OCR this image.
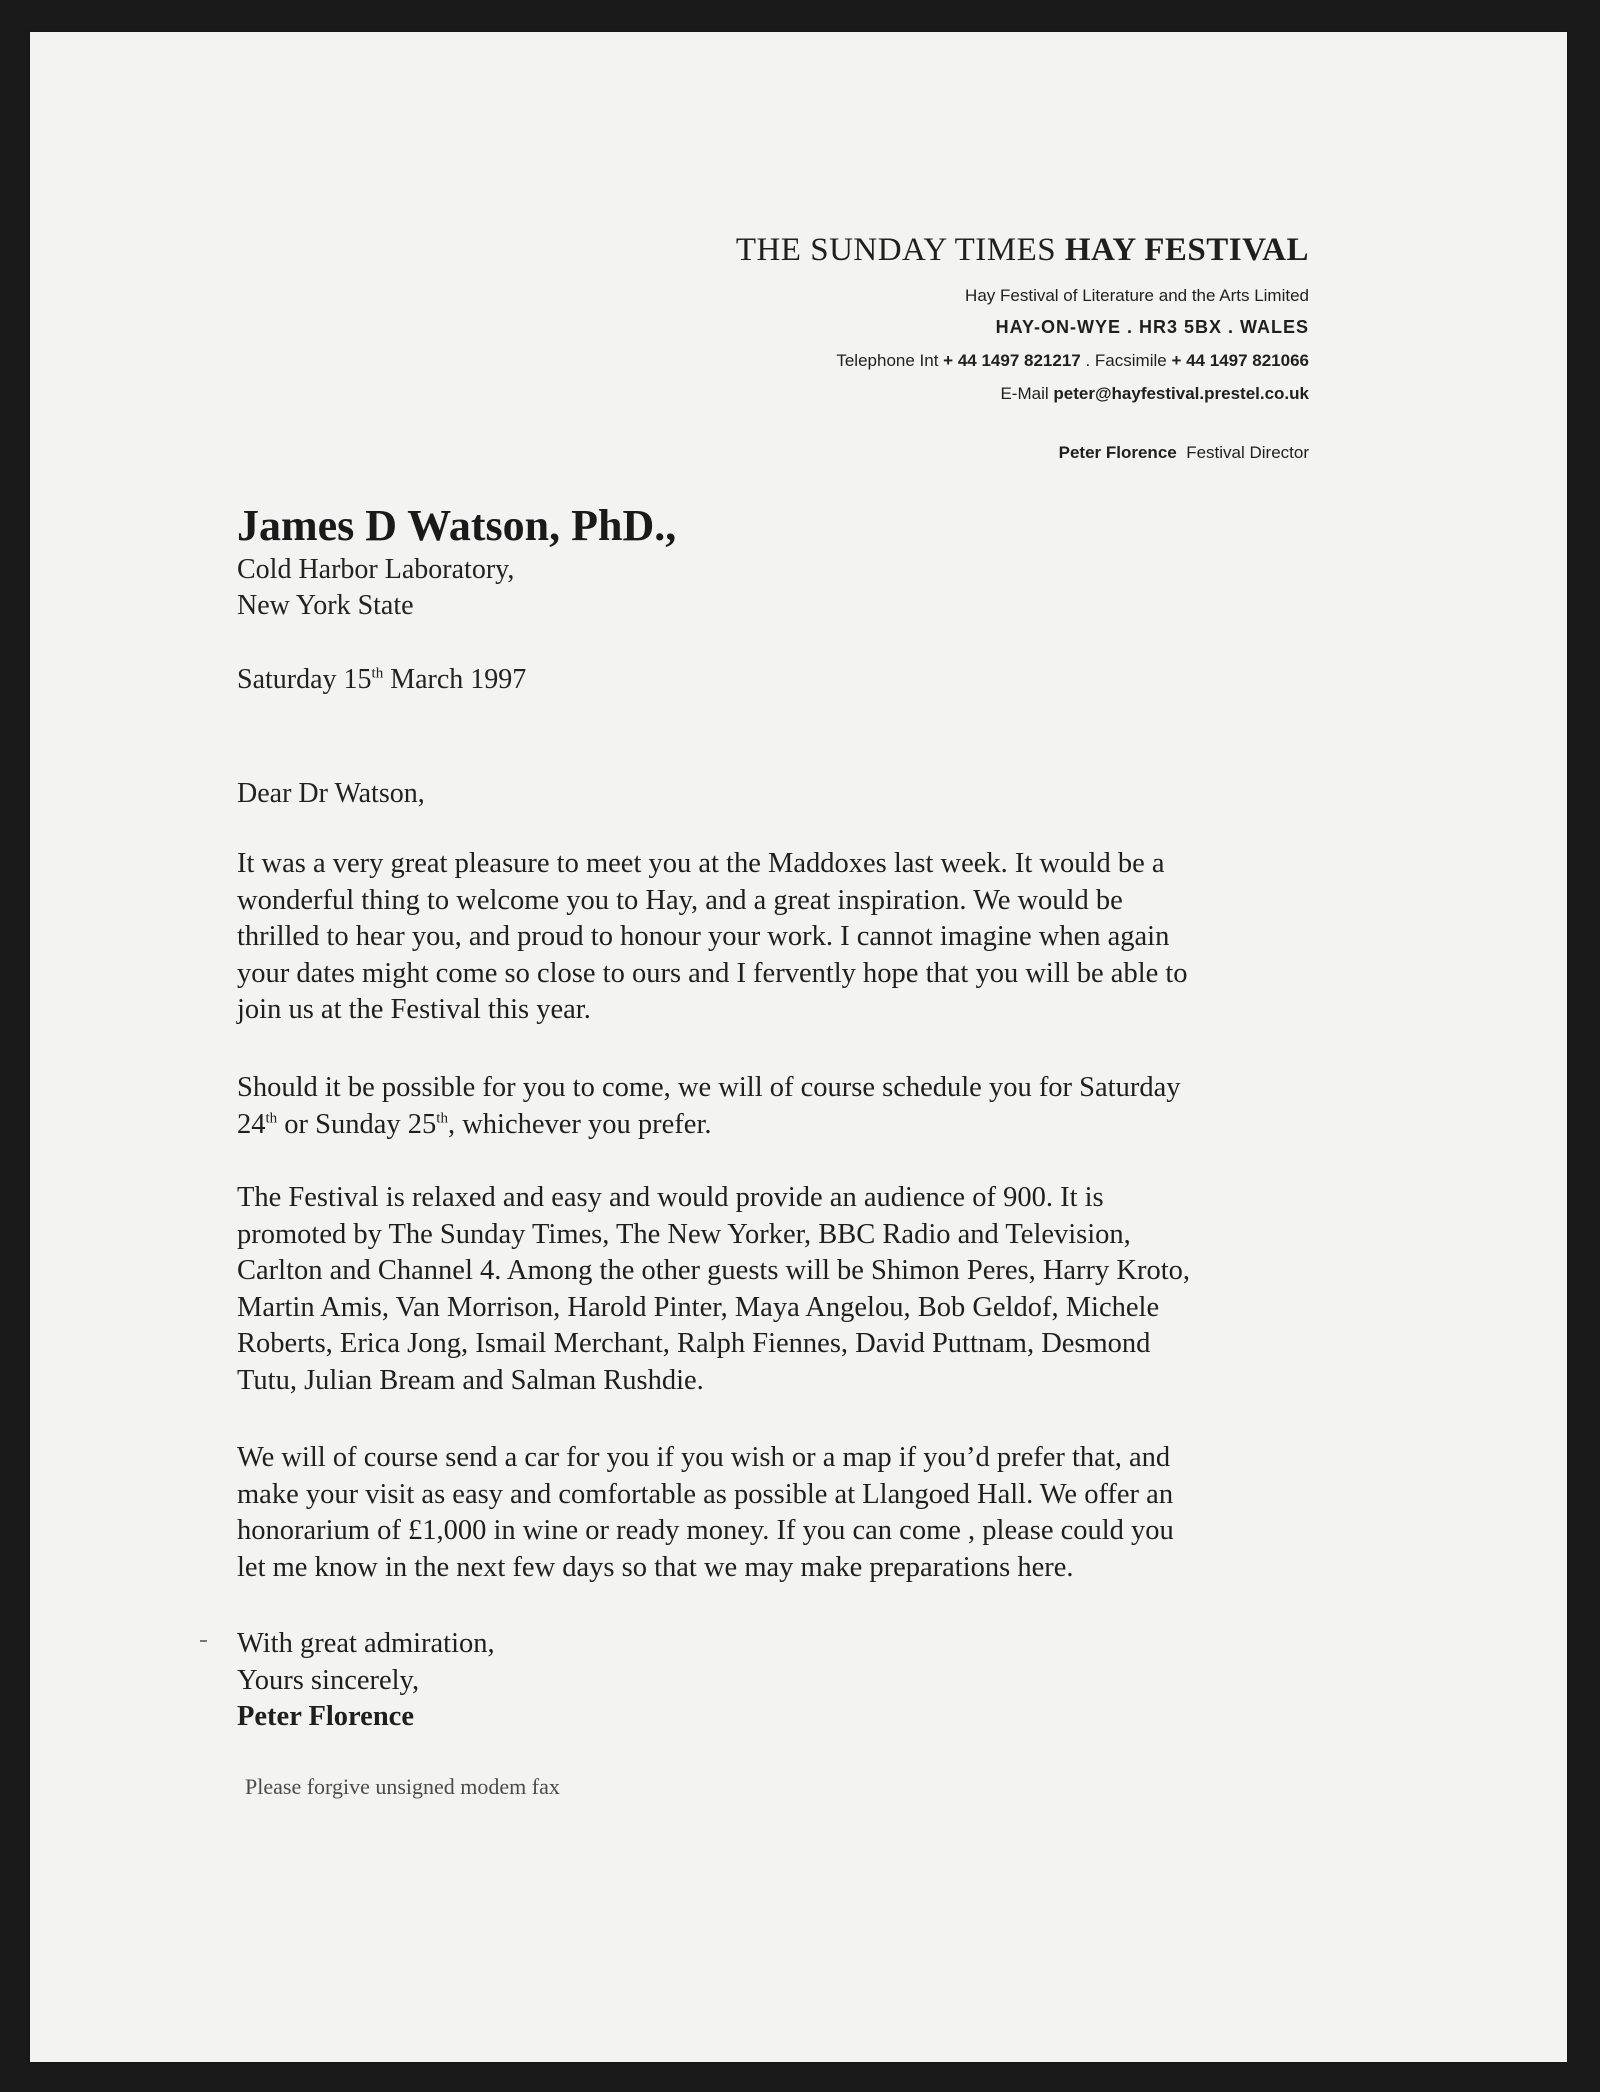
THE SUNDAY TIMES HAY FESTIVAL

Hay Festival of Literature and the Arts Limited

HAY-ON-WYE . HR3 5BX . WALES

Telephone Int + 44 1497 821217 . Facsimile + 44 1497 821066

E-Mail peter@hayfestival.prestel.co.uk

Peter Florence Festival Director

James D Watson, PhD.,

Cold Harbor Laboratory,

New York State

Saturday 15th March 1997

Dear Dr Watson,

It was a very great pleasure to meet you at the Maddoxes last week. It would be a
wonderful thing to welcome you to Hay, and a great inspiration. We would be
thrilled to hear you, and proud to honour your work. I cannot imagine when again
your dates might come so close to ours and I fervently hope that you will be able to
join us at the Festival this year.

Should it be possible for you to come, we will of course schedule you for Saturday
24th or Sunday 25th, whichever you prefer.

The Festival is relaxed and easy and would provide an audience of 900. It is
promoted by The Sunday Times, The New Yorker, BBC Radio and Television,
Carlton and Channel 4. Among the other guests will be Shimon Peres, Harry Kroto,
Martin Amis, Van Morrison, Harold Pinter, Maya Angelou, Bob Geldof, Michele
Roberts, Erica Jong, Ismail Merchant, Ralph Fiennes, David Puttnam, Desmond
Tutu, Julian Bream and Salman Rushdie.

We will of course send a car for you if you wish or a map if you’d prefer that, and
make your visit as easy and comfortable as possible at Llangoed Hall. We offer an
honorarium of £1,000 in wine or ready money. If you can come , please could you
let me know in the next few days so that we may make preparations here.

With great admiration,
Yours sincerely,
Peter Florence

Please forgive unsigned modem fax
